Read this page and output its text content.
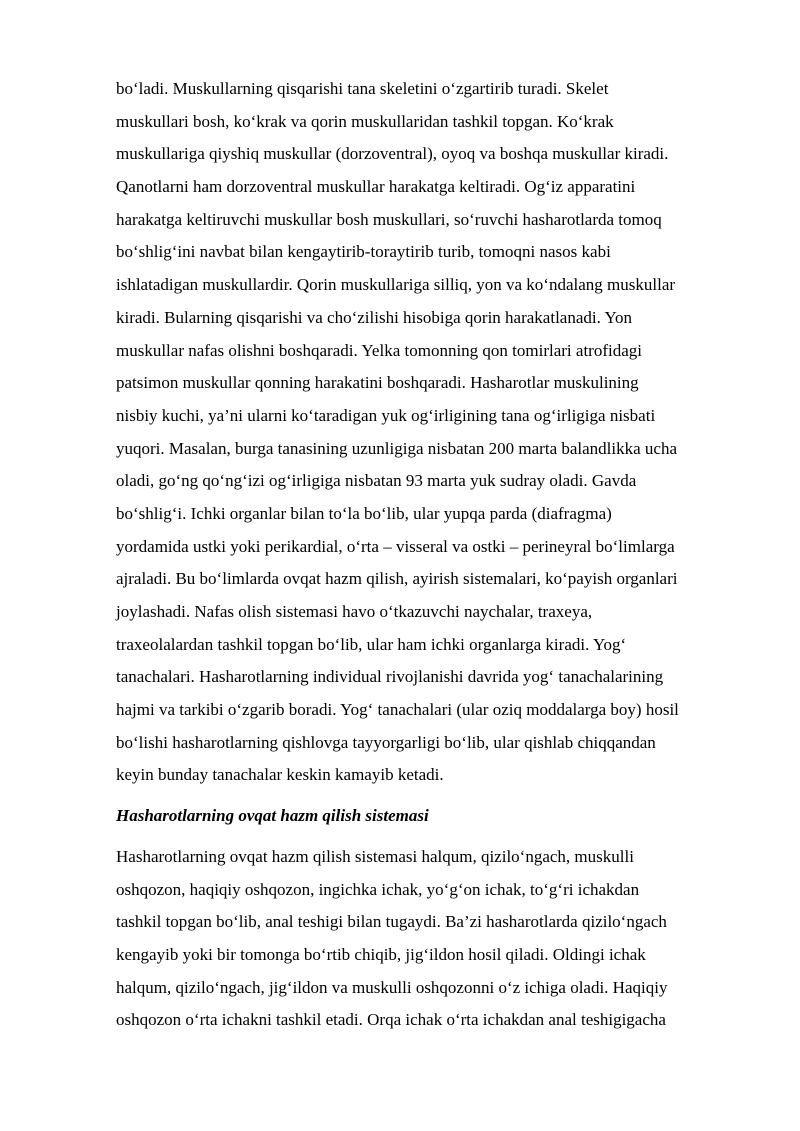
bo‘ladi. Muskullarning qisqarishi tana skeletini o‘zgartirib turadi. Skelet
muskullari bosh, ko‘krak va qorin muskullaridan tashkil topgan. Ko‘krak
muskullariga qiyshiq muskullar (dorzoventral), oyoq va boshqa muskullar kiradi.
Qanotlarni ham dorzoventral muskullar harakatga keltiradi. Og‘iz apparatini
harakatga keltiruvchi muskullar bosh muskullari, so‘ruvchi hasharotlarda tomoq
bo‘shlig‘ini navbat bilan kengaytirib-toraytirib turib, tomoqni nasos kabi
ishlatadigan muskullardir. Qorin muskullariga silliq, yon va ko‘ndalang muskullar
kiradi. Bularning qisqarishi va cho‘zilishi hisobiga qorin harakatlanadi. Yon
muskullar nafas olishni boshqaradi. Yelka tomonning qon tomirlari atrofidagi
patsimon muskullar qonning harakatini boshqaradi. Hasharotlar muskulining
nisbiy kuchi, ya’ni ularni ko‘taradigan yuk og‘irligining tana og‘irligiga nisbati
yuqori. Masalan, burga tanasining uzunligiga nisbatan 200 marta balandlikka ucha
oladi, go‘ng qo‘ng‘izi og‘irligiga nisbatan 93 marta yuk sudray oladi. Gavda
bo‘shlig‘i. Ichki organlar bilan to‘la bo‘lib, ular yupqa parda (diafragma)
yordamida ustki yoki perikardial, o‘rta – visseral va ostki – perineyral bo‘limlarga
ajraladi. Bu bo‘limlarda ovqat hazm qilish, ayirish sistemalari, ko‘payish organlari
joylashadi. Nafas olish sistemasi havo o‘tkazuvchi naychalar, traxeya,
traxeolalardan tashkil topgan bo‘lib, ular ham ichki organlarga kiradi. Yog‘
tanachalari. Hasharotlarning individual rivojlanishi davrida yog‘ tanachalarining
hajmi va tarkibi o‘zgarib boradi. Yog‘ tanachalari (ular oziq moddalarga boy) hosil
bo‘lishi hasharotlarning qishlovga tayyorgarligi bo‘lib, ular qishlab chiqqandan
keyin bunday tanachalar keskin kamayib ketadi.
Hasharotlarning ovqat hazm qilish sistemasi
Hasharotlarning ovqat hazm qilish sistemasi halqum, qizilo‘ngach, muskulli
oshqozon, haqiqiy oshqozon, ingichka ichak, yo‘g‘on ichak, to‘g‘ri ichakdan
tashkil topgan bo‘lib, anal teshigi bilan tugaydi. Ba’zi hasharotlarda qizilo‘ngach
kengayib yoki bir tomonga bo‘rtib chiqib, jig‘ildon hosil qiladi. Oldingi ichak
halqum, qizilo‘ngach, jig‘ildon va muskulli oshqozonni o‘z ichiga oladi. Haqiqiy
oshqozon o‘rta ichakni tashkil etadi. Orqa ichak o‘rta ichakdan anal teshigigacha
